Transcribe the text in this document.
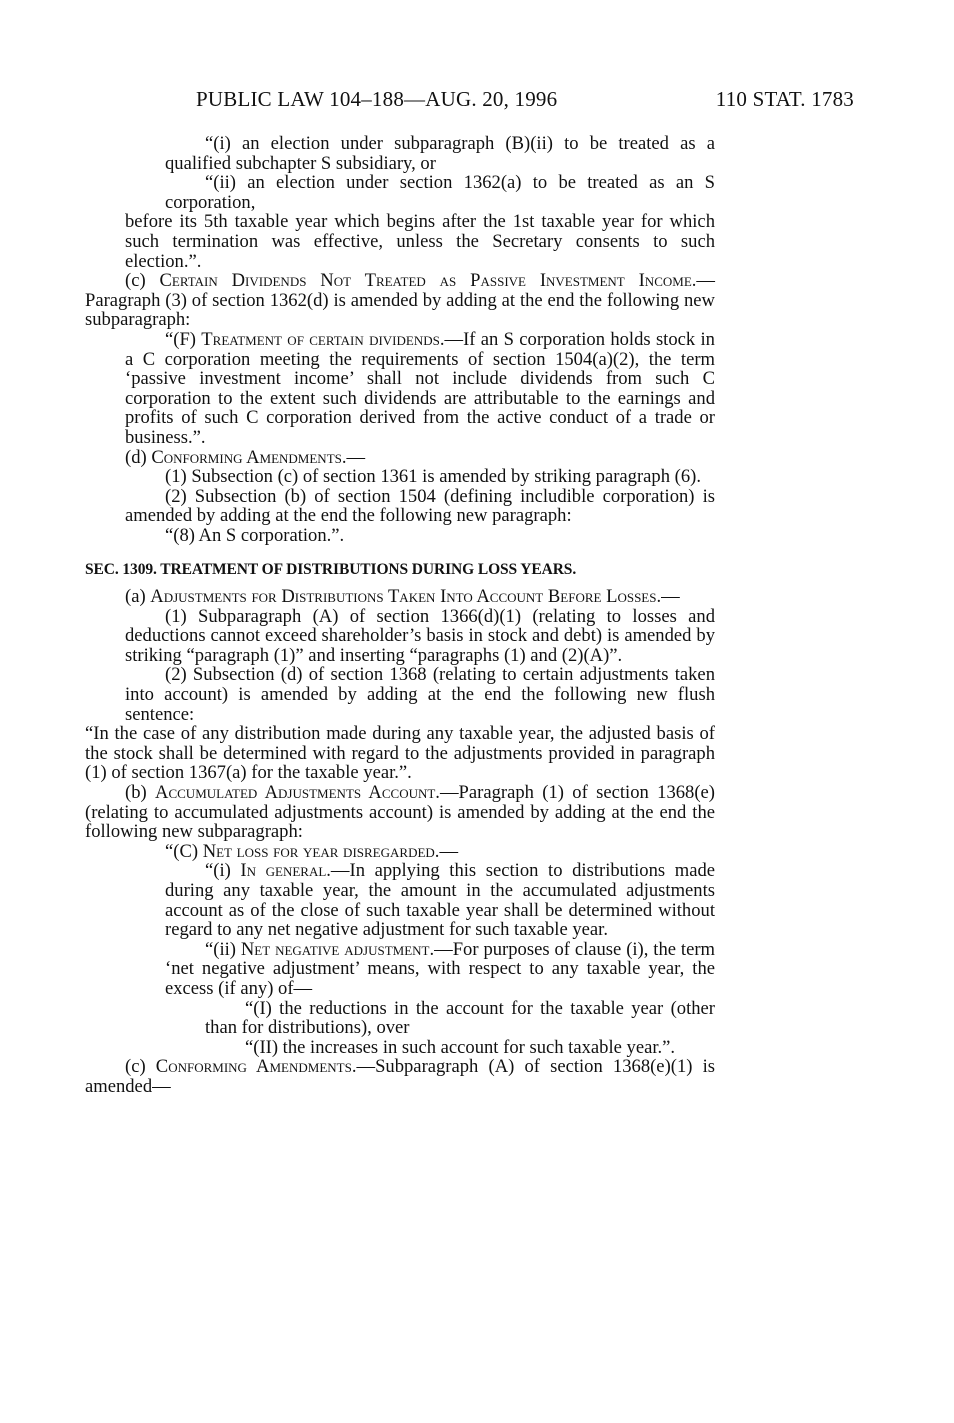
PUBLIC LAW 104–188—AUG. 20, 1996	110 STAT. 1783

“(i) an election under subparagraph (B)(ii) to be treated as a qualified subchapter S subsidiary, or

“(ii) an election under section 1362(a) to be treated as an S corporation,

before its 5th taxable year which begins after the 1st taxable year for which such termination was effective, unless the Secretary consents to such election.”.

(c) Certain Dividends Not Treated as Passive Investment Income.—Paragraph (3) of section 1362(d) is amended by adding at the end the following new subparagraph:

“(F) Treatment of certain dividends.—If an S corporation holds stock in a C corporation meeting the requirements of section 1504(a)(2), the term ‘passive investment income’ shall not include dividends from such C corporation to the extent such dividends are attributable to the earnings and profits of such C corporation derived from the active conduct of a trade or business.”.

(d) Conforming Amendments.—

(1) Subsection (c) of section 1361 is amended by striking paragraph (6).

(2) Subsection (b) of section 1504 (defining includible corporation) is amended by adding at the end the following new paragraph:

“(8) An S corporation.”.

SEC. 1309. TREATMENT OF DISTRIBUTIONS DURING LOSS YEARS.

(a) Adjustments for Distributions Taken Into Account Before Losses.—

(1) Subparagraph (A) of section 1366(d)(1) (relating to losses and deductions cannot exceed shareholder’s basis in stock and debt) is amended by striking “paragraph (1)” and inserting “paragraphs (1) and (2)(A)”.

(2) Subsection (d) of section 1368 (relating to certain adjustments taken into account) is amended by adding at the end the following new flush sentence:

“In the case of any distribution made during any taxable year, the adjusted basis of the stock shall be determined with regard to the adjustments provided in paragraph (1) of section 1367(a) for the taxable year.”.

(b) Accumulated Adjustments Account.—Paragraph (1) of section 1368(e) (relating to accumulated adjustments account) is amended by adding at the end the following new subparagraph:

“(C) Net loss for year disregarded.—

“(i) In general.—In applying this section to distributions made during any taxable year, the amount in the accumulated adjustments account as of the close of such taxable year shall be determined without regard to any net negative adjustment for such taxable year.

“(ii) Net negative adjustment.—For purposes of clause (i), the term ‘net negative adjustment’ means, with respect to any taxable year, the excess (if any) of—

“(I) the reductions in the account for the taxable year (other than for distributions), over

“(II) the increases in such account for such taxable year.”.

(c) Conforming Amendments.—Subparagraph (A) of section 1368(e)(1) is amended—
